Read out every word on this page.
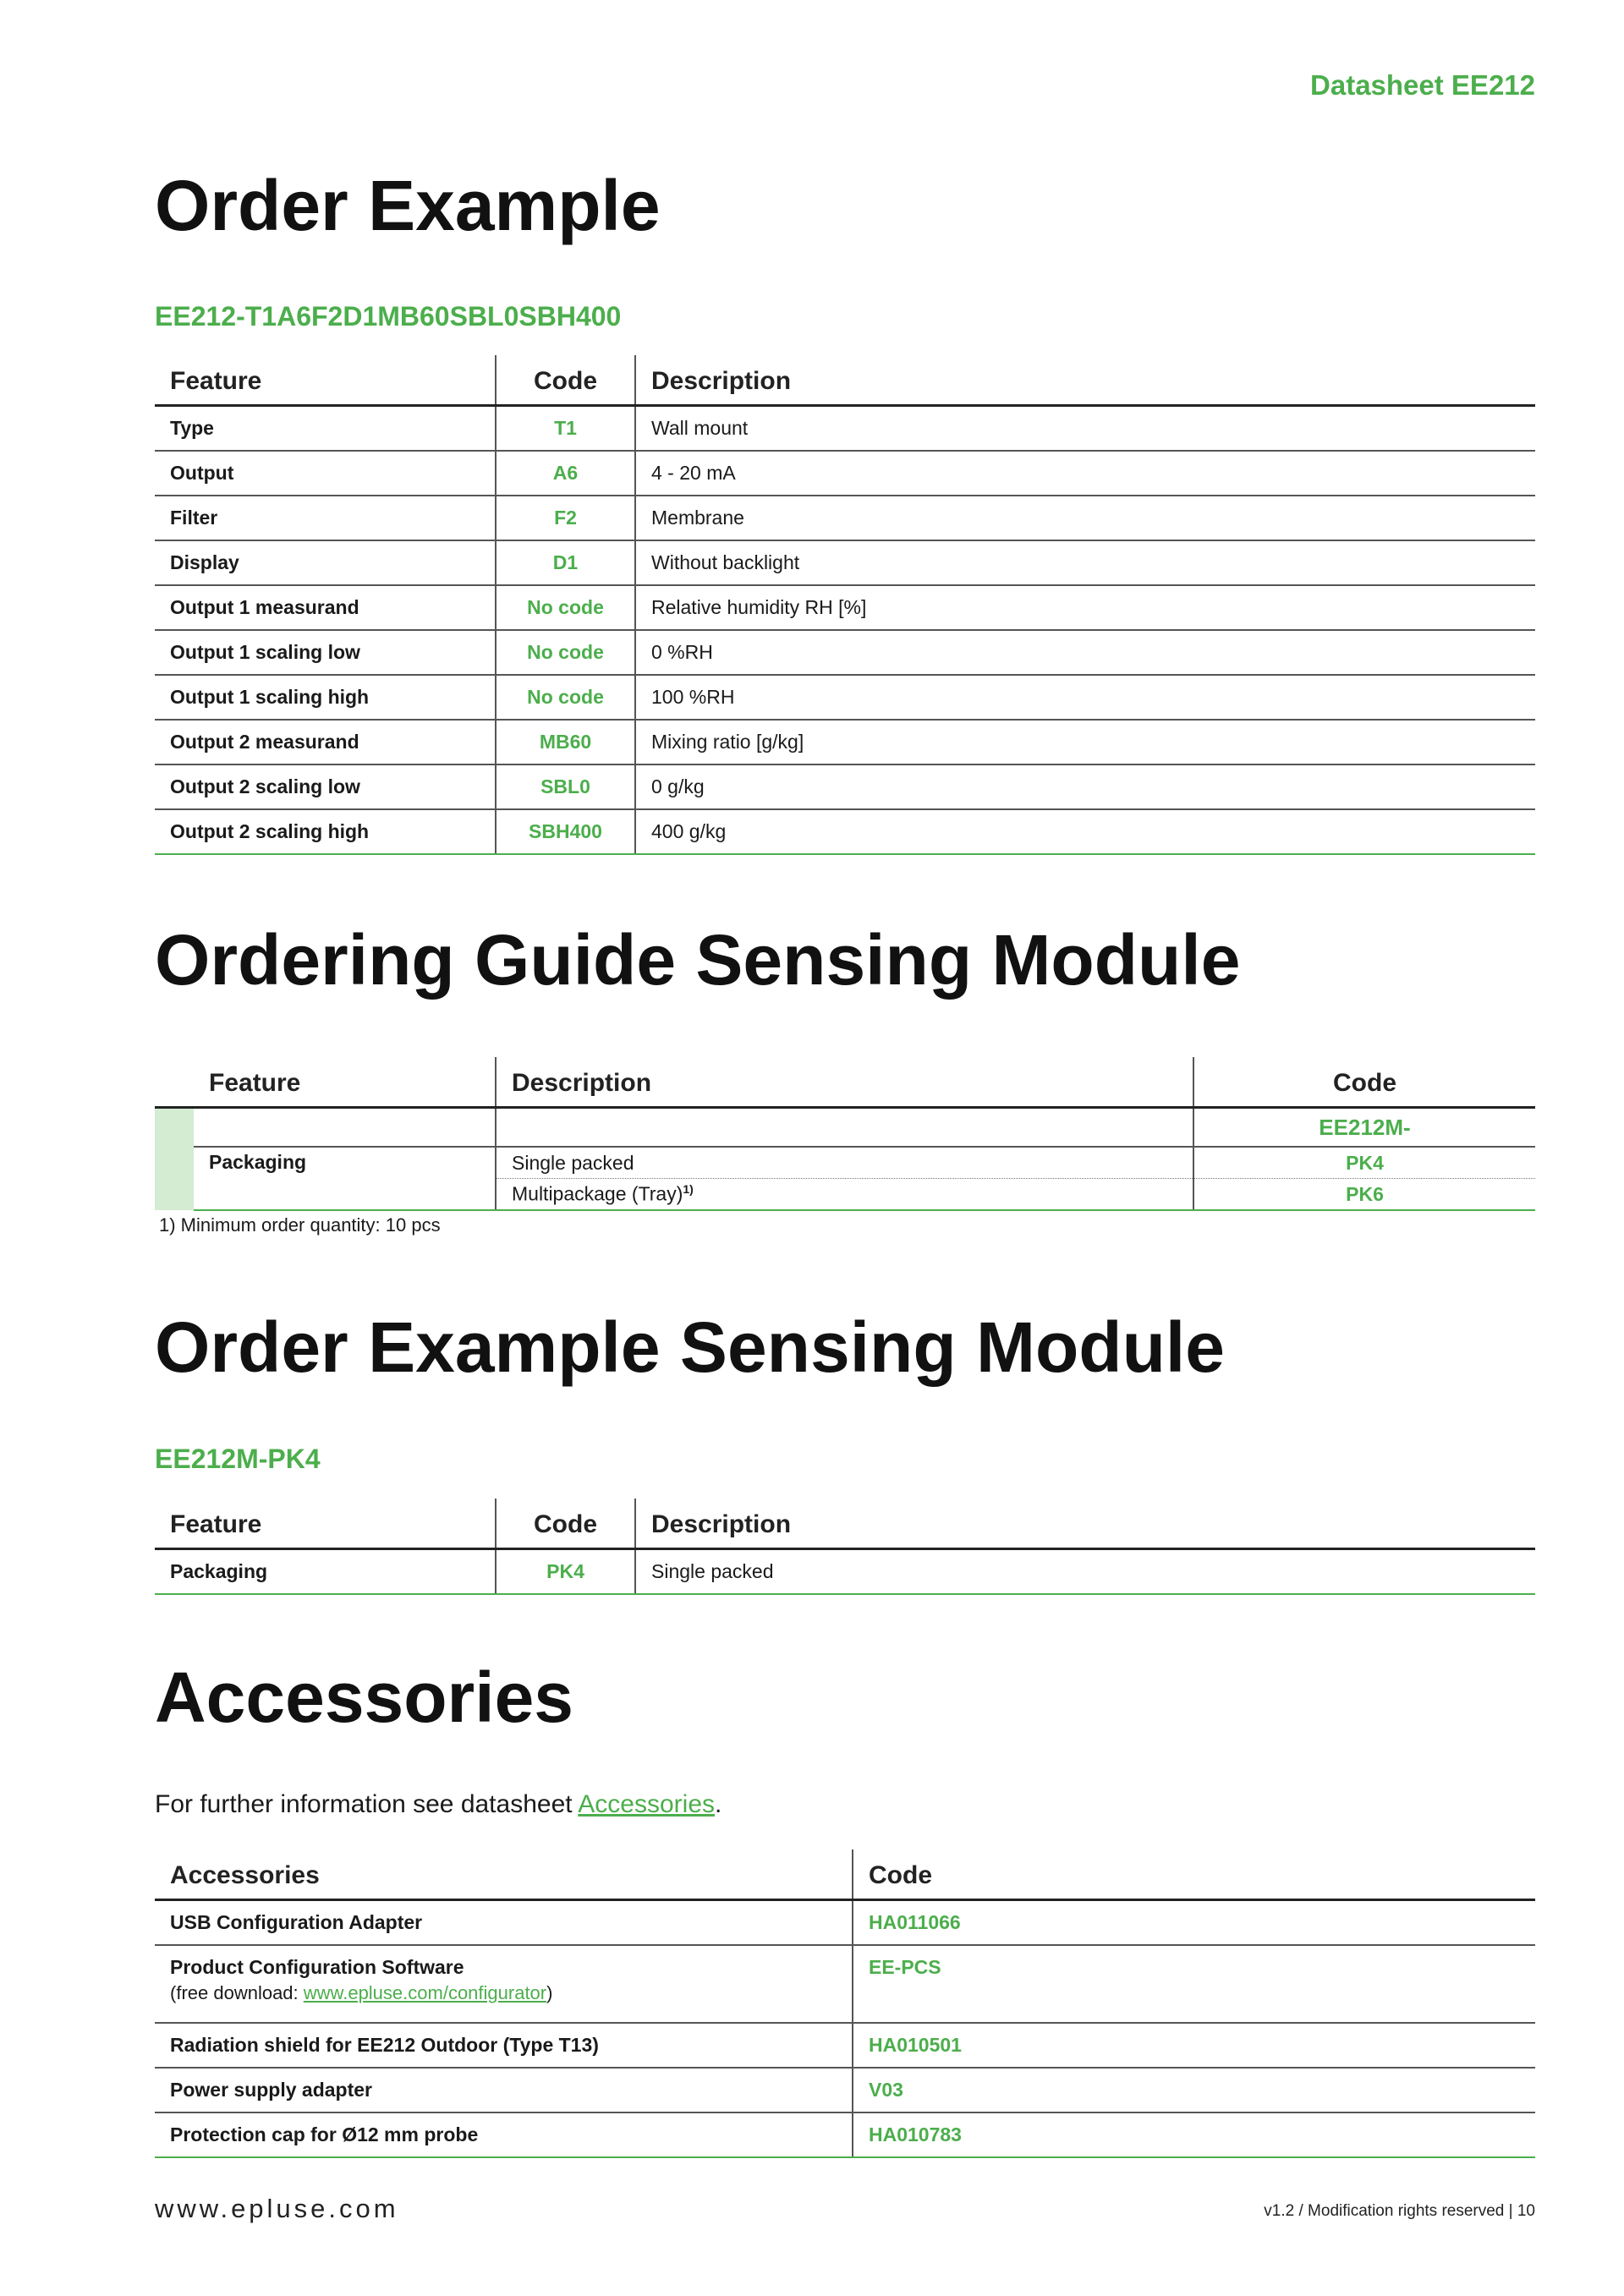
Datasheet EE212
Order Example
EE212-T1A6F2D1MB60SBL0SBH400
Feature	Code	Description
Type	T1	Wall mount
Output	A6	4 - 20 mA
Filter	F2	Membrane
Display	D1	Without backlight
Output 1 measurand	No code	Relative humidity RH [%]
Output 1 scaling low	No code	0 %RH
Output 1 scaling high	No code	100 %RH
Output 2 measurand	MB60	Mixing ratio [g/kg]
Output 2 scaling low	SBL0	0 g/kg
Output 2 scaling high	SBH400	400 g/kg
Ordering Guide Sensing Module
Feature		Description	Code
			EE212M-
	Packaging	Single packed	PK4
		Multipackage (Tray)$^{1)}$	PK6
1) Minimum order quantity: 10 pcs
Order Example Sensing Module
EE212M-PK4
Feature	Code	Description
Packaging	PK4	Single packed
Accessories
For further information see datasheet Accessories.
Accessories	Code
USB Configuration Adapter	HA011066

Product Configuration Software
(free download: www.epluse.com/configurator)	EE-PCS
Radiation shield for EE212 Outdoor (Type T13)	HA010501
Power supply adapter	V03
Protection cap for Ø12 mm probe	HA010783
www.epluse.com	v1.2 / Modification rights reserved | 10
